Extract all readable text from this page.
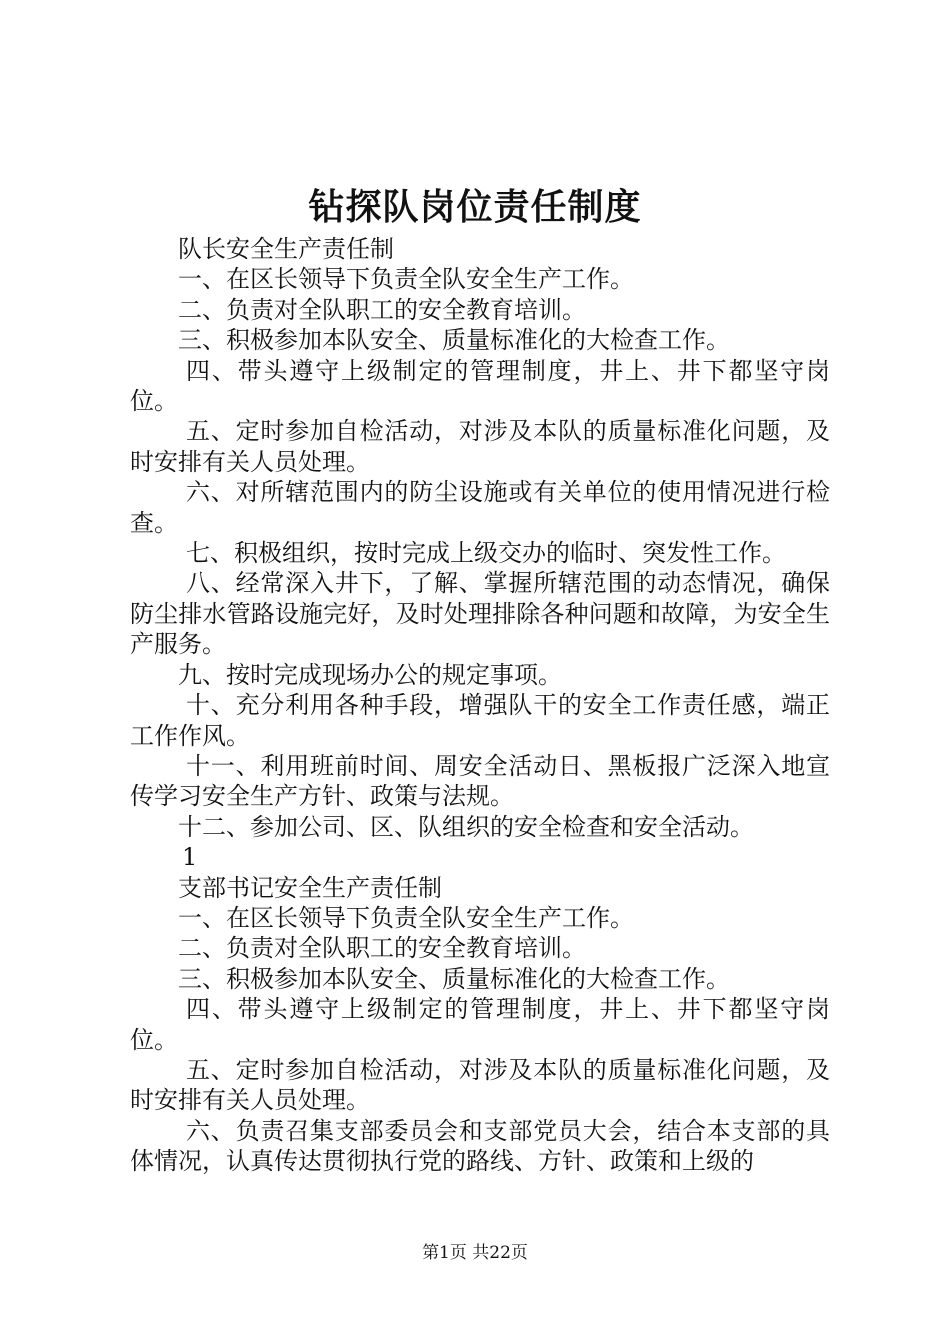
钻探队岗位责任制度

队长安全生产责任制

一、在区长领导下负责全队安全生产工作。

二、负责对全队职工的安全教育培训。

三、积极参加本队安全、质量标准化的大检查工作。

四、带头遵守上级制定的管理制度，井上、井下都坚守岗位。

五、定时参加自检活动，对涉及本队的质量标准化问题，及时安排有关人员处理。

六、对所辖范围内的防尘设施或有关单位的使用情况进行检查。

七、积极组织，按时完成上级交办的临时、突发性工作。

八、经常深入井下，了解、掌握所辖范围的动态情况，确保防尘排水管路设施完好，及时处理排除各种问题和故障，为安全生产服务。

九、按时完成现场办公的规定事项。

十、充分利用各种手段，增强队干的安全工作责任感，端正工作作风。

十一、利用班前时间、周安全活动日、黑板报广泛深入地宣传学习安全生产方针、政策与法规。

十二、参加公司、区、队组织的安全检查和安全活动。

1

支部书记安全生产责任制

一、在区长领导下负责全队安全生产工作。

二、负责对全队职工的安全教育培训。

三、积极参加本队安全、质量标准化的大检查工作。

四、带头遵守上级制定的管理制度，井上、井下都坚守岗位。

五、定时参加自检活动，对涉及本队的质量标准化问题，及时安排有关人员处理。

六、负责召集支部委员会和支部党员大会，结合本支部的具体情况，认真传达贯彻执行党的路线、方针、政策和上级的

第1页 共22页
